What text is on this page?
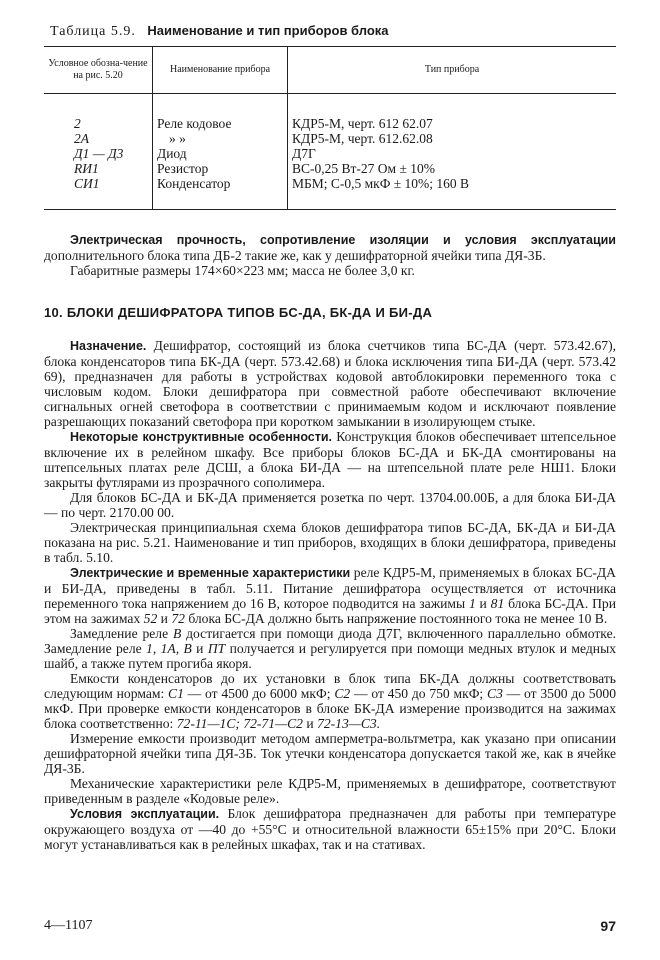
Таблица 5.9. Наименование и тип приборов блока
Условное обозна-чение на рис. 5.20	Наименование прибора	Тип прибора

2	Реле кодовое	КДР5-М, черт. 612 62.07
2А	» »	КДР5-М, черт. 612.62.08
Д1 — Д3	Диод	Д7Г
RИ1	Резистор	ВС-0,25 Вт-27 Ом ± 10%
СИ1	Конденсатор	МБМ; С-0,5 мкФ ± 10%; 160 В

Электрическая прочность, сопротивление изоляции и условия эксплуатации дополнительного блока типа ДБ-2 такие же, как у дешифраторной ячейки типа ДЯ-3Б.

Габаритные размеры 174×60×223 мм; масса не более 3,0 кг.

10. БЛОКИ ДЕШИФРАТОРА ТИПОВ БС-ДА, БК-ДА И БИ-ДА

Назначение. Дешифратор, состоящий из блока счетчиков типа БС-ДА (черт. 573.42.67), блока конденсаторов типа БК-ДА (черт. 573.42.68) и блока исключения типа БИ-ДА (черт. 573.42 69), предназначен для работы в устройствах кодовой автоблокировки переменного тока с числовым кодом. Блоки дешифратора при совместной работе обеспечивают включение сигнальных огней светофора в соответствии с принимаемым кодом и исключают появление разрешающих показаний светофора при коротком замыкании в изолирующем стыке.

Некоторые конструктивные особенности. Конструкция блоков обеспечивает штепсельное включение их в релейном шкафу. Все приборы блоков БС-ДА и БК-ДА смонтированы на штепсельных платах реле ДСШ, а блока БИ-ДА — на штепсельной плате реле НШ1. Блоки закрыты футлярами из прозрачного сополимера.

Для блоков БС-ДА и БК-ДА применяется розетка по черт. 13704.00.00Б, а для блока БИ-ДА — по черт. 2170.00 00.

Электрическая принципиальная схема блоков дешифратора типов БС-ДА, БК-ДА и БИ-ДА показана на рис. 5.21. Наименование и тип приборов, входящих в блоки дешифратора, приведены в табл. 5.10.

Электрические и временные характеристики реле КДР5-М, применяемых в блоках БС-ДА и БИ-ДА, приведены в табл. 5.11. Питание дешифратора осуществляется от источника переменного тока напряжением до 16 В, которое подводится на зажимы 1 и 81 блока БС-ДА. При этом на зажимах 52 и 72 блока БС-ДА должно быть напряжение постоянного тока не менее 10 В.

Замедление реле В достигается при помощи диода Д7Г, включенного параллельно обмотке. Замедление реле 1, 1А, В и ПТ получается и регулируется при помощи медных втулок и медных шайб, а также путем прогиба якоря.

Емкости конденсаторов до их установки в блок типа БК-ДА должны соответствовать следующим нормам: С1 — от 4500 до 6000 мкФ; С2 — от 450 до 750 мкФ; С3 — от 3500 до 5000 мкФ. При проверке емкости конденсаторов в блоке БК-ДА измерение производится на зажимах блока соответственно: 72-11—1С; 72-71—С2 и 72-13—С3.

Измерение емкости производит методом амперметра-вольтметра, как указано при описании дешифраторной ячейки типа ДЯ-3Б. Ток утечки конденсатора допускается такой же, как в ячейке ДЯ-3Б.

Механические характеристики реле КДР5-М, применяемых в дешифраторе, соответствуют приведенным в разделе «Кодовые реле».

Условия эксплуатации. Блок дешифратора предназначен для работы при температуре окружающего воздуха от —40 до +55°С и относительной влажности 65±15% при 20°С. Блоки могут устанавливаться как в релейных шкафах, так и на стативах.

4—1107	97
